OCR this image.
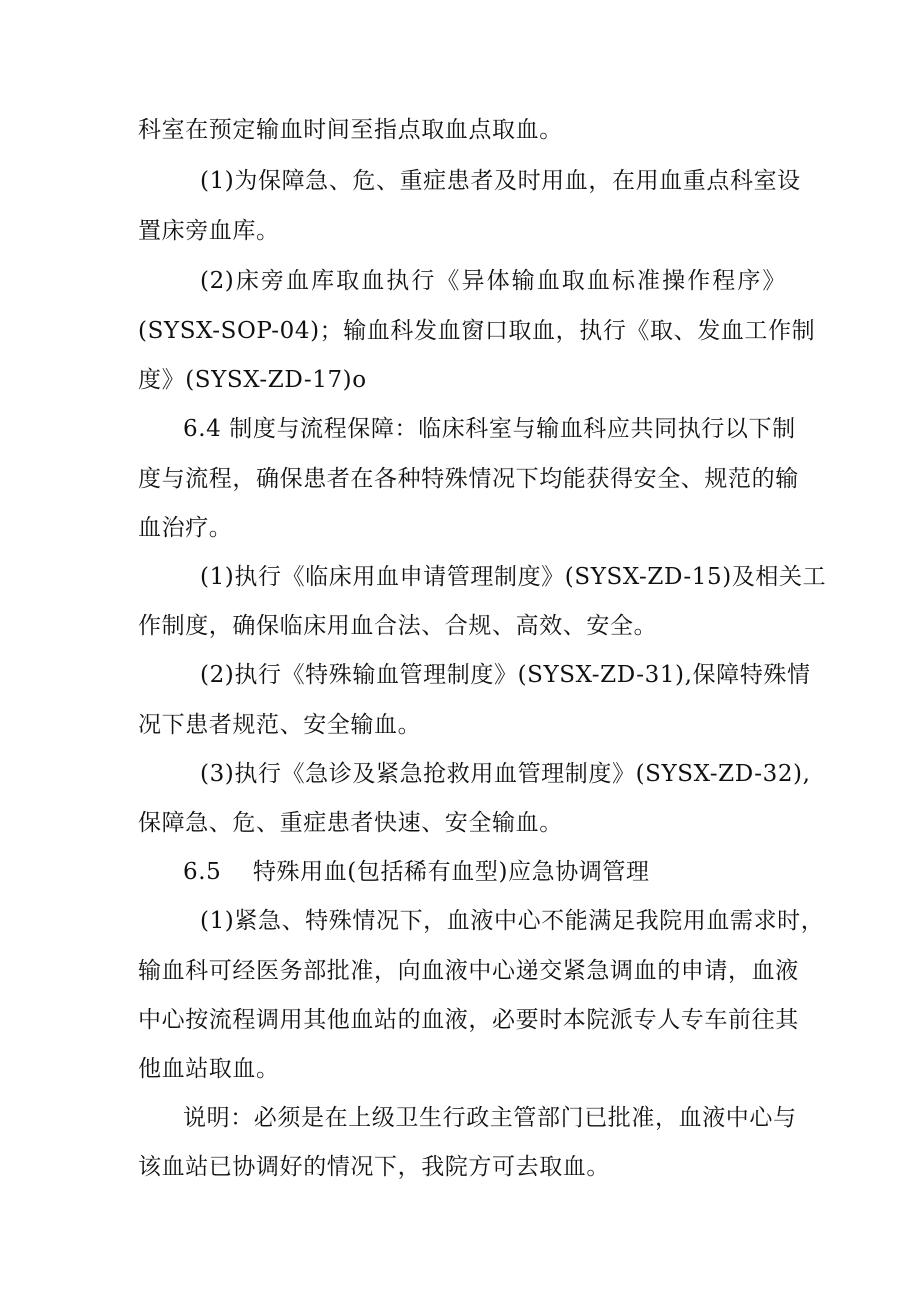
科室在预定输血时间至指点取血点取血。

(1)为保障急、危、重症患者及时用血，在用血重点科室设

置床旁血库。

(2)床旁血库取血执行《异体输血取血标准操作程序》

(SYSX-SOP-04)；输血科发血窗口取血，执行《取、发血工作制

度》(SYSX-ZD-17)o

6.4 制度与流程保障：临床科室与输血科应共同执行以下制

度与流程，确保患者在各种特殊情况下均能获得安全、规范的输

血治疗。

(1)执行《临床用血申请管理制度》(SYSX-ZD-15)及相关工

作制度，确保临床用血合法、合规、高效、安全。

(2)执行《特殊输血管理制度》(SYSX-ZD-31),保障特殊情

况下患者规范、安全输血。

(3)执行《急诊及紧急抢救用血管理制度》(SYSX-ZD-32),

保障急、危、重症患者快速、安全输血。

6.5　 特殊用血(包括稀有血型)应急协调管理

(1)紧急、特殊情况下，血液中心不能满足我院用血需求时，

输血科可经医务部批准，向血液中心递交紧急调血的申请，血液

中心按流程调用其他血站的血液，必要时本院派专人专车前往其

他血站取血。

说明：必须是在上级卫生行政主管部门已批准，血液中心与

该血站已协调好的情况下，我院方可去取血。
